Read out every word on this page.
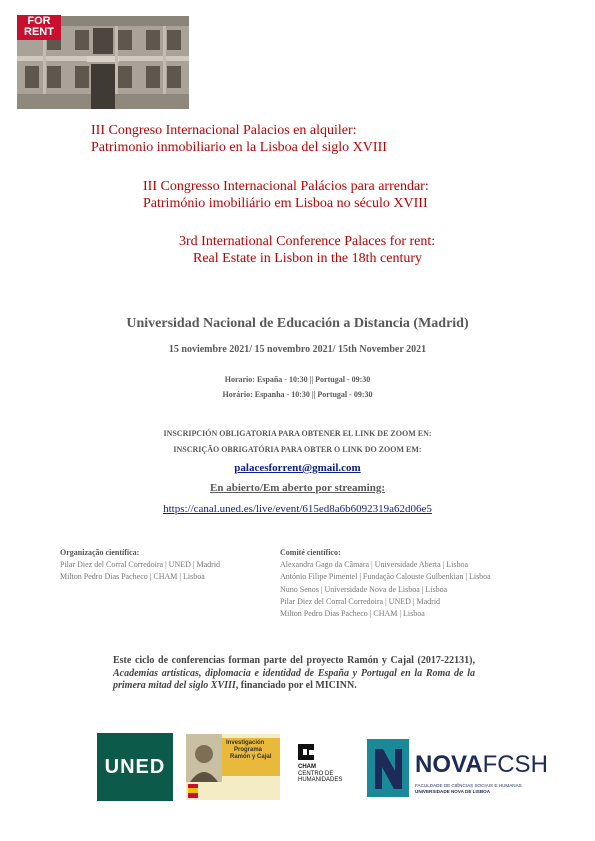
FOR
RENT
III Congreso Internacional Palacios en alquiler:
Patrimonio inmobiliario en la Lisboa del siglo XVIII
III Congresso Internacional Palácios para arrendar:
Património imobiliário em Lisboa no século XVIII
3rd International Conference Palaces for rent:
Real Estate in Lisbon in the 18th century
Universidad Nacional de Educación a Distancia (Madrid)
15 noviembre 2021/ 15 novembro 2021/ 15th November 2021
Horario: España - 10:30 || Portugal - 09:30
Horário: Espanha - 10:30 || Portugal - 09:30
INSCRIPCIÓN OBLIGATORIA PARA OBTENER EL LINK DE ZOOM EN:
INSCRIÇÃO OBRIGATÓRIA PARA OBTER O LINK DO ZOOM EM:
palacesforrent@gmail.com
En abierto/Em aberto por streaming:
https://canal.uned.es/live/event/615ed8a6b6092319a62d06e5
Organização científica:
Pilar Diez del Corral Corredoira | UNED | Madrid
Milton Pedro Dias Pacheco | CHAM | Lisboa
Comité científico:
Alexandra Gago da Câmara | Universidade Aberta | Lisboa
António Filipe Pimentel | Fundação Calouste Gulbenkian | Lisboa
Nuno Senos | Universidade Nova de Lisboa | Lisboa
Pilar Diez del Corral Corredoira | UNED | Madrid
Milton Pedro Dias Pacheco | CHAM | Lisboa
Este ciclo de conferencias forman parte del proyecto Ramón y Cajal (2017-22131), Academias artísticas, diplomacia e identidad de España y Portugal en la Roma de la primera mitad del siglo XVIII, financiado por el MICINN.
UNED
Investigación
Programa
Ramón y Cajal
CHAM
CENTRO DE
HUMANIDADES
NOVAFCSH
FACULDADE DE CIÊNCIAS SOCIAIS E HUMANAS
UNIVERSIDADE NOVA DE LISBOA
